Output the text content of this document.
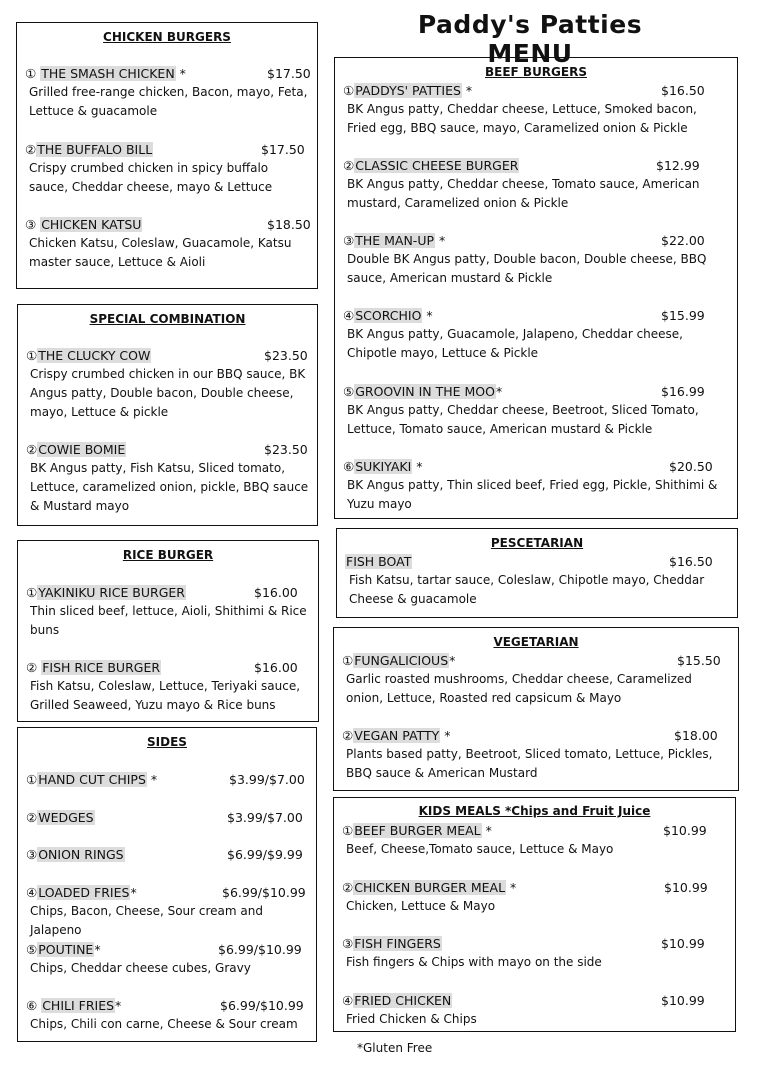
Paddy's Patties MENU
CHICKEN BURGERS
① THE SMASH CHICKEN *	$17.50
Grilled free-range chicken, Bacon, mayo, Feta, Lettuce & guacamole
②THE BUFFALO BILL	$17.50
Crispy crumbed chicken in spicy buffalo sauce, Cheddar cheese, mayo & Lettuce
③ CHICKEN KATSU	$18.50
Chicken Katsu, Coleslaw, Guacamole, Katsu master sauce, Lettuce & Aioli
SPECIAL COMBINATION
①THE CLUCKY COW	$23.50
Crispy crumbed chicken in our BBQ sauce, BK Angus patty, Double bacon, Double cheese, mayo, Lettuce & pickle
②COWIE BOMIE	$23.50
BK Angus patty, Fish Katsu, Sliced tomato, Lettuce, caramelized onion, pickle, BBQ sauce & Mustard mayo
RICE BURGER
①YAKINIKU RICE BURGER	$16.00
Thin sliced beef, lettuce, Aioli, Shithimi & Rice buns
② FISH RICE BURGER	$16.00
Fish Katsu, Coleslaw, Lettuce, Teriyaki sauce, Grilled Seaweed, Yuzu mayo & Rice buns
SIDES
①HAND CUT CHIPS *	$3.99/$7.00
②WEDGES	$3.99/$7.00
③ONION RINGS	$6.99/$9.99
④LOADED FRIES*	$6.99/$10.99
Chips, Bacon, Cheese, Sour cream and Jalapeno
⑤POUTINE*	$6.99/$10.99
Chips, Cheddar cheese cubes, Gravy
⑥ CHILI FRIES*	$6.99/$10.99
Chips, Chili con carne, Cheese & Sour cream
BEEF BURGERS
①PADDYS' PATTIES *	$16.50
BK Angus patty, Cheddar cheese, Lettuce, Smoked bacon, Fried egg, BBQ sauce, mayo, Caramelized onion & Pickle
②CLASSIC CHEESE BURGER	$12.99
BK Angus patty, Cheddar cheese, Tomato sauce, American mustard, Caramelized onion & Pickle
③THE MAN-UP *	$22.00
Double BK Angus patty, Double bacon, Double cheese, BBQ sauce, American mustard & Pickle
④SCORCHIO *	$15.99
BK Angus patty, Guacamole, Jalapeno, Cheddar cheese, Chipotle mayo, Lettuce & Pickle
⑤GROOVIN IN THE MOO*	$16.99
BK Angus patty, Cheddar cheese, Beetroot, Sliced Tomato, Lettuce, Tomato sauce, American mustard & Pickle
⑥SUKIYAKI *	$20.50
BK Angus patty, Thin sliced beef, Fried egg, Pickle, Shithimi & Yuzu mayo
PESCETARIAN
FISH BOAT	$16.50
Fish Katsu, tartar sauce, Coleslaw, Chipotle mayo, Cheddar Cheese & guacamole
VEGETARIAN
①FUNGALICIOUS*	$15.50
Garlic roasted mushrooms, Cheddar cheese, Caramelized onion, Lettuce, Roasted red capsicum & Mayo
②VEGAN PATTY *	$18.00
Plants based patty, Beetroot, Sliced tomato, Lettuce, Pickles, BBQ sauce & American Mustard
KIDS MEALS *Chips and Fruit Juice
①BEEF BURGER MEAL *	$10.99
Beef, Cheese,Tomato sauce, Lettuce & Mayo
②CHICKEN BURGER MEAL *	$10.99
Chicken, Lettuce & Mayo
③FISH FINGERS	$10.99
Fish fingers & Chips with mayo on the side
④FRIED CHICKEN	$10.99
Fried Chicken & Chips
*Gluten Free
